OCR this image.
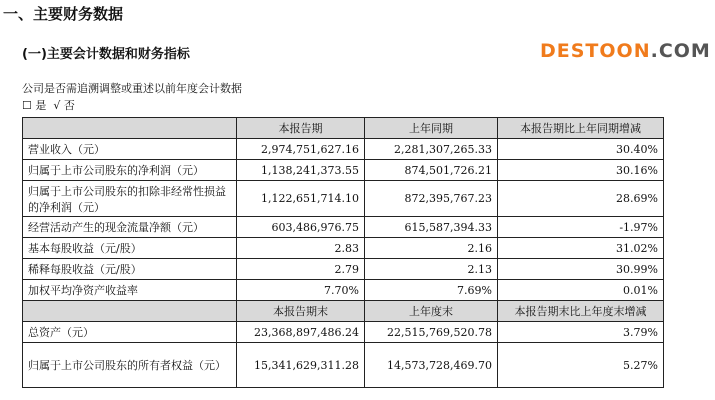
一、主要财务数据
(一)主要会计数据和财务指标
公司是否需追溯调整或重述以前年度会计数据
☐ 是 √ 否
	本报告期	上年同期	本报告期比上年同期增减
营业收入（元）	2,974,751,627.16	2,281,307,265.33	30.40%
归属于上市公司股东的净利润（元）	1,138,241,373.55	874,501,726.21	30.16%
归属于上市公司股东的扣除非经常性损益的净利润（元）	1,122,651,714.10	872,395,767.23	28.69%
经营活动产生的现金流量净额（元）	603,486,976.75	615,587,394.33	-1.97%
基本每股收益（元/股）	2.83	2.16	31.02%
稀释每股收益（元/股）	2.79	2.13	30.99%
加权平均净资产收益率	7.70%	7.69%	0.01%
	本报告期末	上年度末	本报告期末比上年度末增减
总资产（元）	23,368,897,486.24	22,515,769,520.78	3.79%
归属于上市公司股东的所有者权益（元）	15,341,629,311.28	14,573,728,469.70	5.27%
DESTOON.COM
